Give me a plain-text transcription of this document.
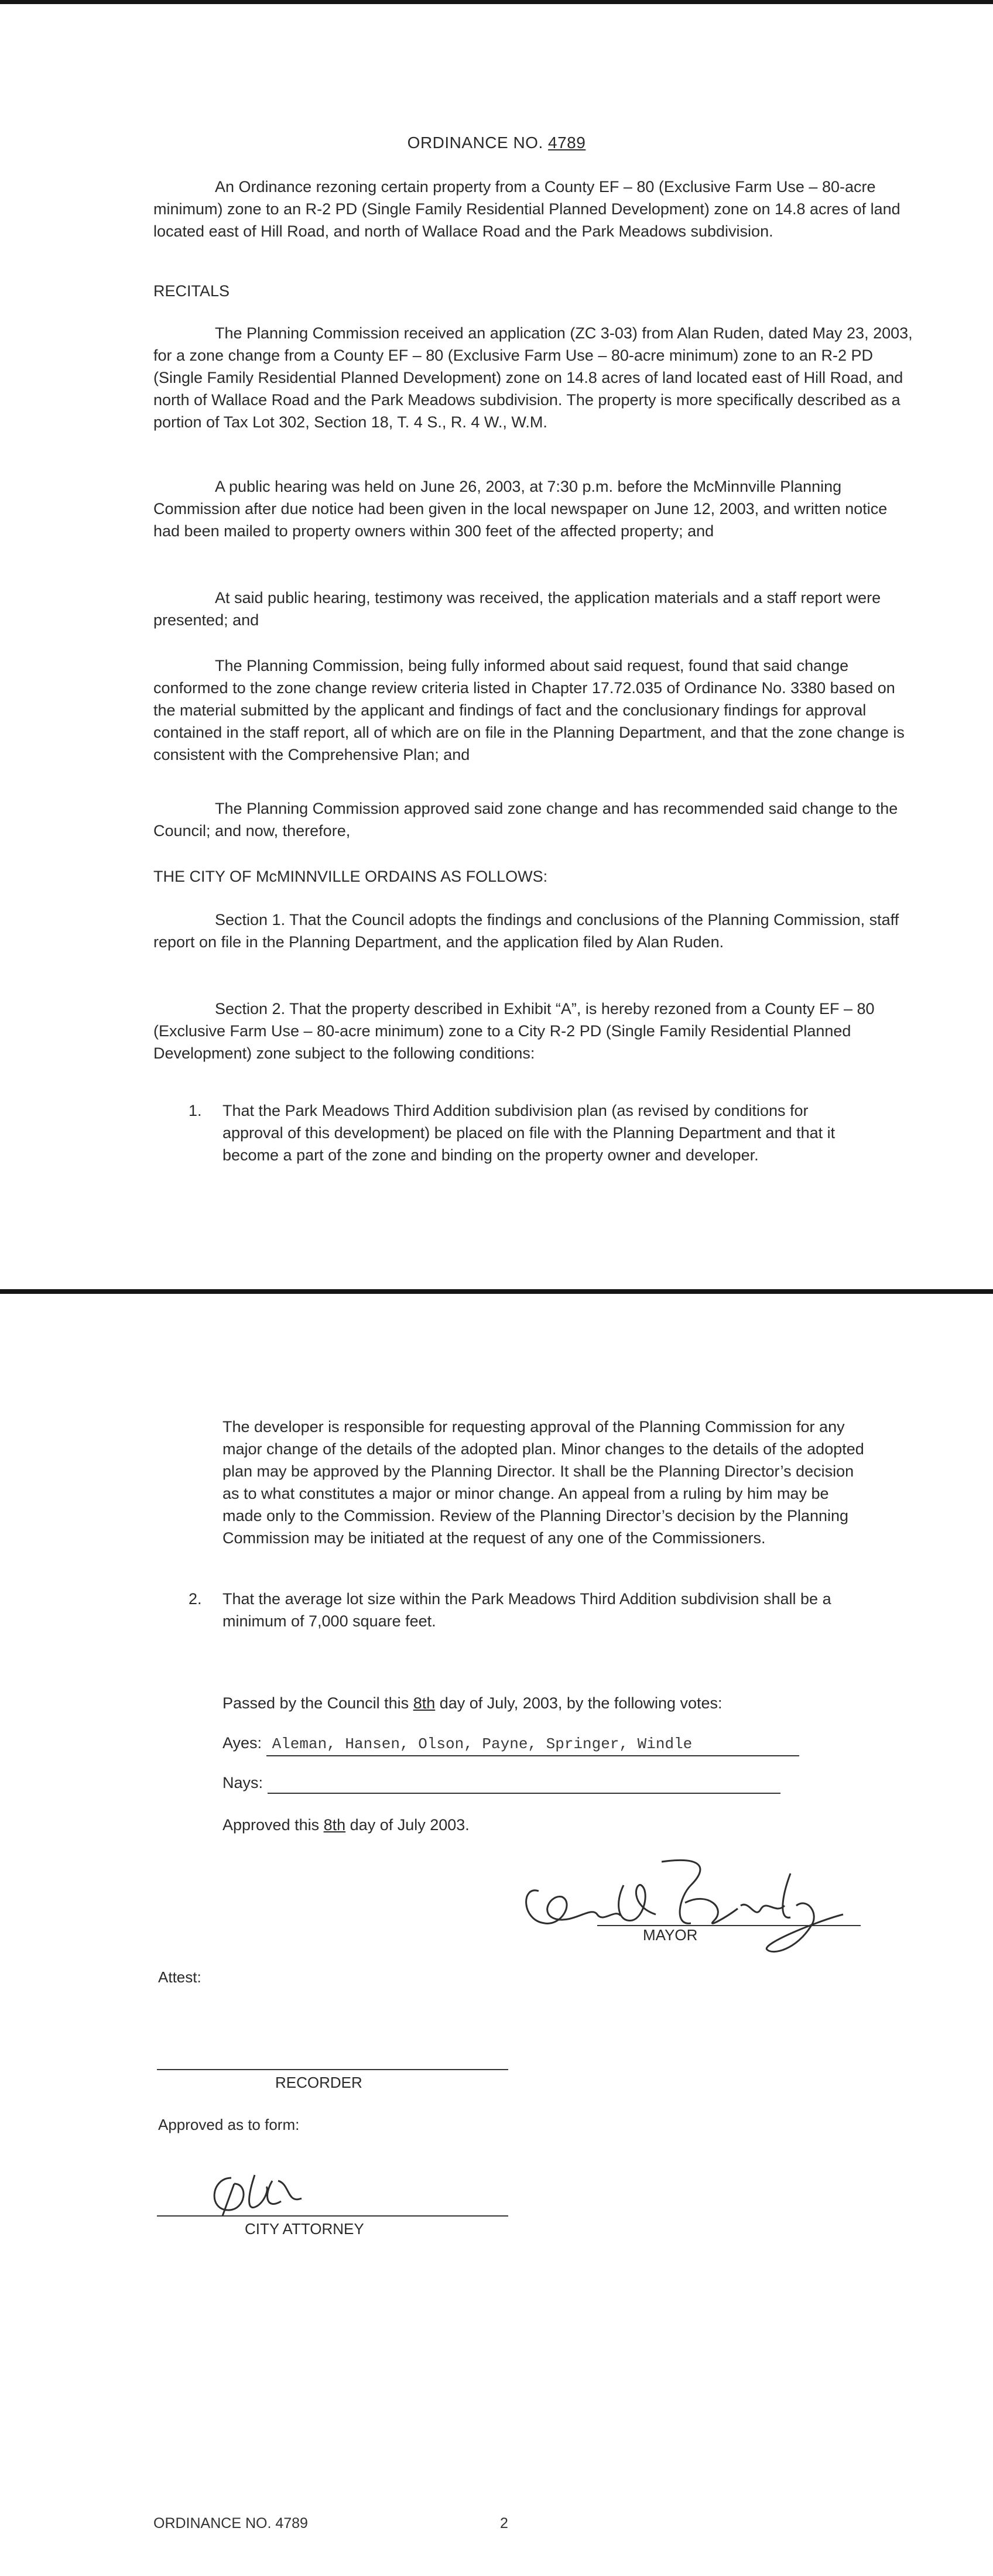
ORDINANCE NO. 4789

An Ordinance rezoning certain property from a County EF – 80 (Exclusive Farm Use – 80-acre minimum) zone to an R-2 PD (Single Family Residential Planned Development) zone on 14.8 acres of land located east of Hill Road, and north of Wallace Road and the Park Meadows subdivision.

RECITALS

The Planning Commission received an application (ZC 3-03) from Alan Ruden, dated May 23, 2003, for a zone change from a County EF – 80 (Exclusive Farm Use – 80-acre minimum) zone to an R-2 PD (Single Family Residential Planned Development) zone on 14.8 acres of land located east of Hill Road, and north of Wallace Road and the Park Meadows subdivision. The property is more specifically described as a portion of Tax Lot 302, Section 18, T. 4 S., R. 4 W., W.M.

A public hearing was held on June 26, 2003, at 7:30 p.m. before the McMinnville Planning Commission after due notice had been given in the local newspaper on June 12, 2003, and written notice had been mailed to property owners within 300 feet of the affected property; and

At said public hearing, testimony was received, the application materials and a staff report were presented; and

The Planning Commission, being fully informed about said request, found that said change conformed to the zone change review criteria listed in Chapter 17.72.035 of Ordinance No. 3380 based on the material submitted by the applicant and findings of fact and the conclusionary findings for approval contained in the staff report, all of which are on file in the Planning Department, and that the zone change is consistent with the Comprehensive Plan; and

The Planning Commission approved said zone change and has recommended said change to the Council; and now, therefore,

THE CITY OF McMINNVILLE ORDAINS AS FOLLOWS:

Section 1. That the Council adopts the findings and conclusions of the Planning Commission, staff report on file in the Planning Department, and the application filed by Alan Ruden.

Section 2. That the property described in Exhibit “A”, is hereby rezoned from a County EF – 80 (Exclusive Farm Use – 80-acre minimum) zone to a City R-2 PD (Single Family Residential Planned Development) zone subject to the following conditions:

1. That the Park Meadows Third Addition subdivision plan (as revised by conditions for approval of this development) be placed on file with the Planning Department and that it become a part of the zone and binding on the property owner and developer.

The developer is responsible for requesting approval of the Planning Commission for any major change of the details of the adopted plan. Minor changes to the details of the adopted plan may be approved by the Planning Director. It shall be the Planning Director’s decision as to what constitutes a major or minor change. An appeal from a ruling by him may be made only to the Commission. Review of the Planning Director’s decision by the Planning Commission may be initiated at the request of any one of the Commissioners.

2. That the average lot size within the Park Meadows Third Addition subdivision shall be a minimum of 7,000 square feet.

Passed by the Council this 8th day of July, 2003, by the following votes:
Ayes: Aleman, Hansen, Olson, Payne, Springer, Windle
Nays:
Approved this 8th day of July 2003.
MAYOR
Attest:
RECORDER
Approved as to form:
CITY ATTORNEY
ORDINANCE NO. 4789	2
